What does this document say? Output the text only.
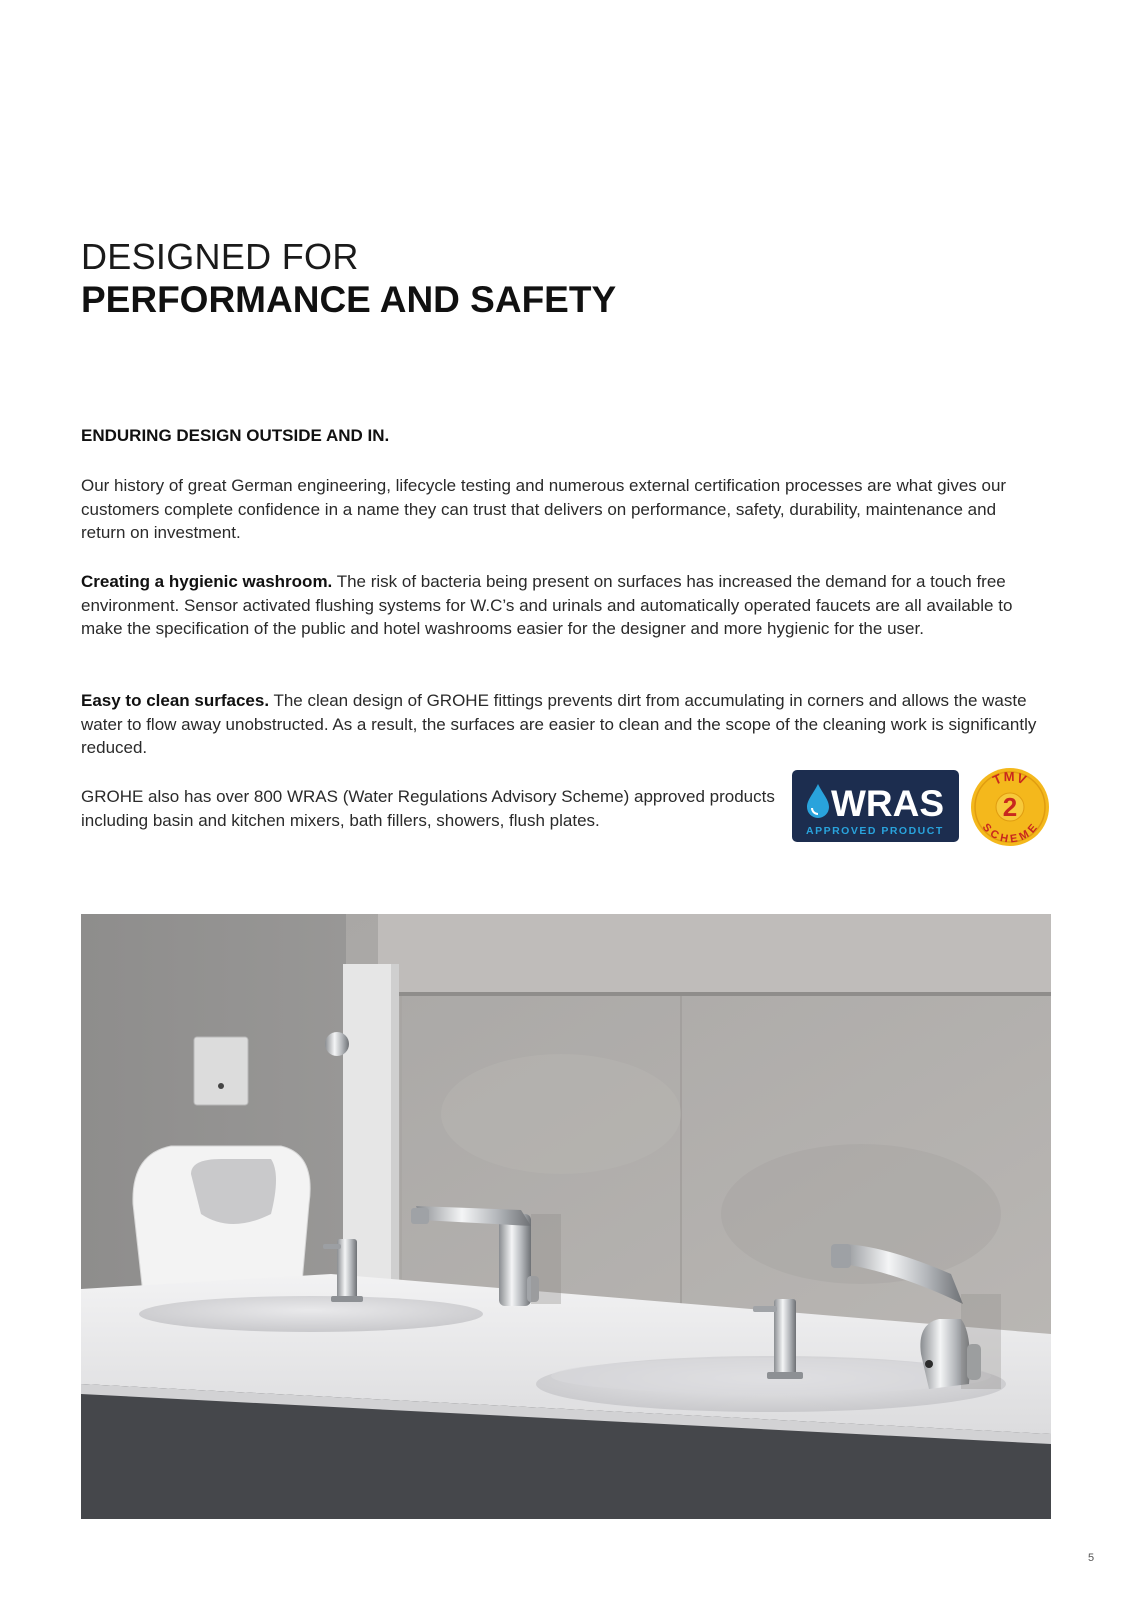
DESIGNED FOR
PERFORMANCE AND SAFETY
ENDURING DESIGN OUTSIDE AND IN.

Our history of great German engineering, lifecycle testing and numerous external certification processes are what gives our customers complete confidence in a name they can trust that delivers on performance, safety, durability, maintenance and return on investment.

Creating a hygienic washroom. The risk of bacteria being present on surfaces has increased the demand for a touch free environment. Sensor activated flushing systems for W.C’s and urinals and automatically operated faucets are all available to make the specification of the public and hotel washrooms easier for the designer and more hygienic for the user.

Easy to clean surfaces. The clean design of GROHE fittings prevents dirt from accumulating in corners and allows the waste water to flow away unobstructed. As a result, the surfaces are easier to clean and the scope of the cleaning work is significantly reduced.

GROHE also has over 800 WRAS (Water Regulations Advisory Scheme) approved products including basin and kitchen mixers, bath fillers, showers, flush plates.	WRAS
APPROVED PRODUCT
TMV
2
SCHEME
5
